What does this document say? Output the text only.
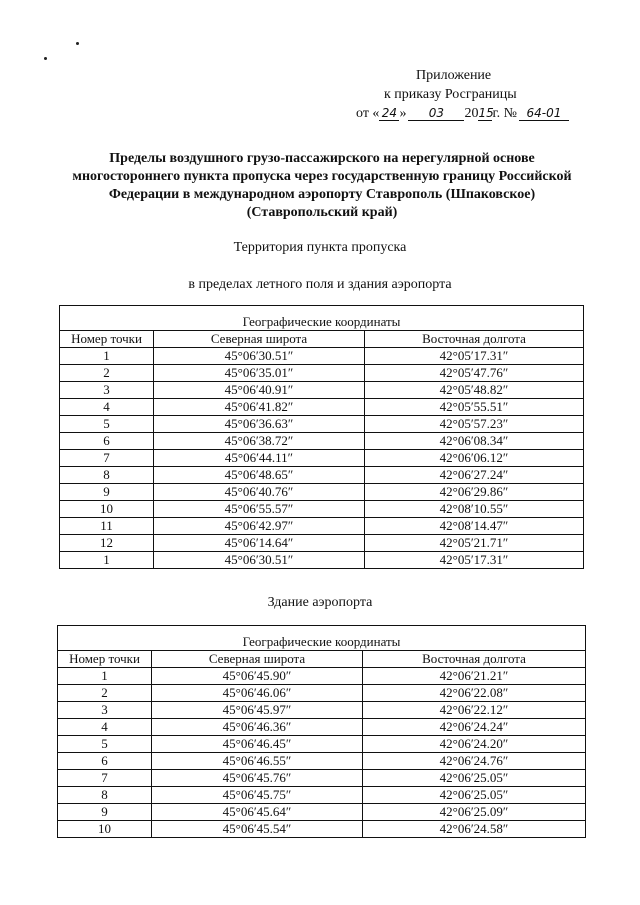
Приложение
к приказу Росграницы
от « 24 » 03 2015г. № 64-01
Пределы воздушного грузо-пассажирского на нерегулярной основе многостороннего пункта пропуска через государственную границу Российской Федерации в международном аэропорту Ставрополь (Шпаковское) (Ставропольский край)
Территория пункта пропуска
в пределах летного поля и здания аэропорта

Географические координаты		
Номер точки	Северная широта	Восточная долгота
1	45°06′30.51″	42°05′17.31″
2	45°06′35.01″	42°05′47.76″
3	45°06′40.91″	42°05′48.82″
4	45°06′41.82″	42°05′55.51″
5	45°06′36.63″	42°05′57.23″
6	45°06′38.72″	42°06′08.34″
7	45°06′44.11″	42°06′06.12″
8	45°06′48.65″	42°06′27.24″
9	45°06′40.76″	42°06′29.86″
10	45°06′55.57″	42°08′10.55″
11	45°06′42.97″	42°08′14.47″
12	45°06′14.64″	42°05′21.71″
1	45°06′30.51″	42°05′17.31″
Здание аэропорта

Географические координаты		
Номер точки	Северная широта	Восточная долгота
1	45°06′45.90″	42°06′21.21″
2	45°06′46.06″	42°06′22.08″
3	45°06′45.97″	42°06′22.12″
4	45°06′46.36″	42°06′24.24″
5	45°06′46.45″	42°06′24.20″
6	45°06′46.55″	42°06′24.76″
7	45°06′45.76″	42°06′25.05″
8	45°06′45.75″	42°06′25.05″
9	45°06′45.64″	42°06′25.09″
10	45°06′45.54″	42°06′24.58″
